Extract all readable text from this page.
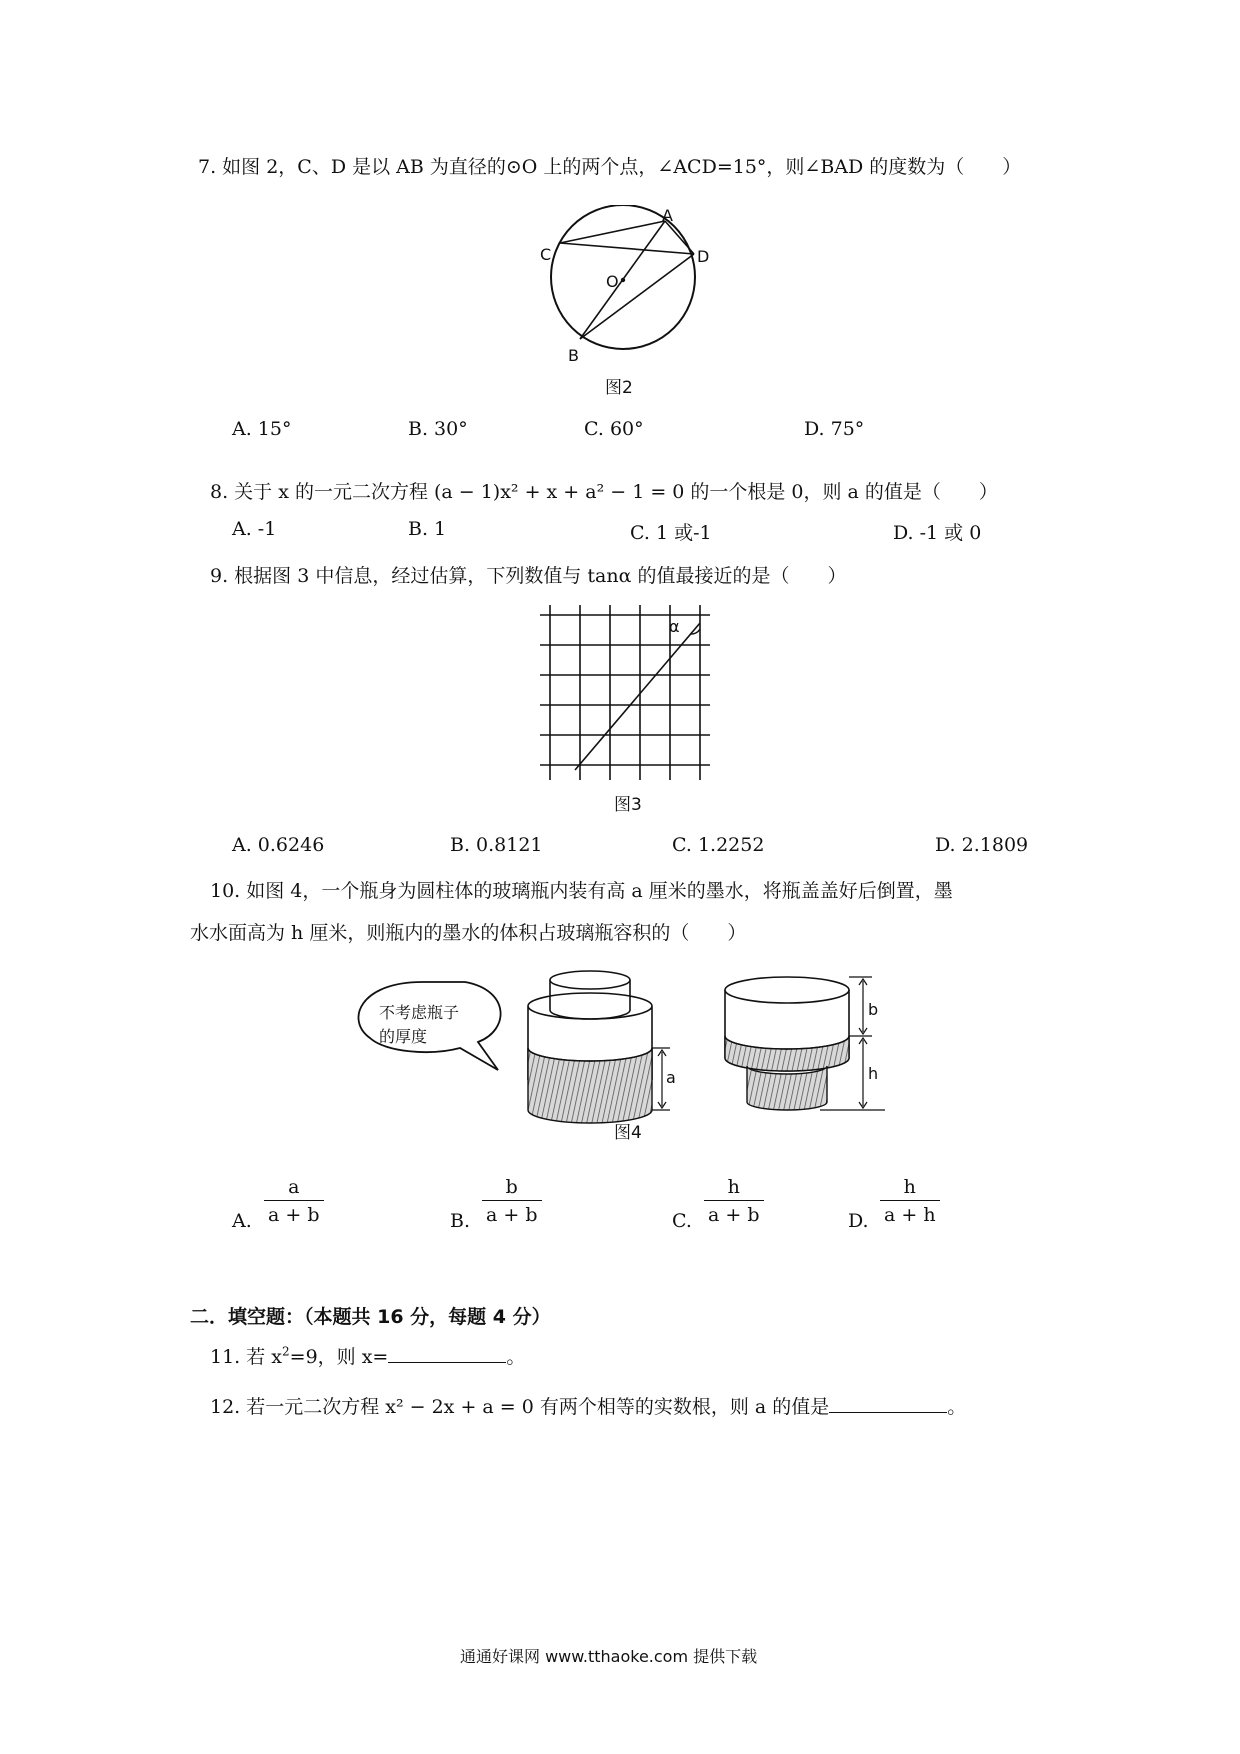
7. 如图 2，C、D 是以 AB 为直径的⊙O 上的两个点，∠ACD=15°，则∠BAD 的度数为（　　）
A
C	D
O
B
图2
A. 15°	B. 30°	C. 60°	D. 75°
8. 关于 x 的一元二次方程 (a − 1)x² + x + a² − 1 = 0 的一个根是 0，则 a 的值是（　　）
A. -1	B. 1	C. 1 或-1	D. -1 或 0
9. 根据图 3 中信息，经过估算，下列数值与 tanα 的值最接近的是（　　）
α
图3
A. 0.6246	B. 0.8121	C. 1.2252	D. 2.1809
10. 如图 4，一个瓶身为圆柱体的玻璃瓶内装有高 a 厘米的墨水，将瓶盖盖好后倒置，墨
水水面高为 h 厘米，则瓶内的墨水的体积占玻璃瓶容积的（　　）
不考虑瓶子
的厚度
a
b
h
图4
A. $\frac{a}{a + b}$	B. $\frac{b}{a + b}$	C. $\frac{h}{a + b}$	D. $\frac{h}{a + h}$
二．填空题：（本题共 16 分，每题 4 分）
11. 若 $x^2=9$，则 x=	。
12. 若一元二次方程 x² − 2x + a = 0 有两个相等的实数根，则 a 的值是	。
通通好课网 www.tthaoke.com 提供下载
